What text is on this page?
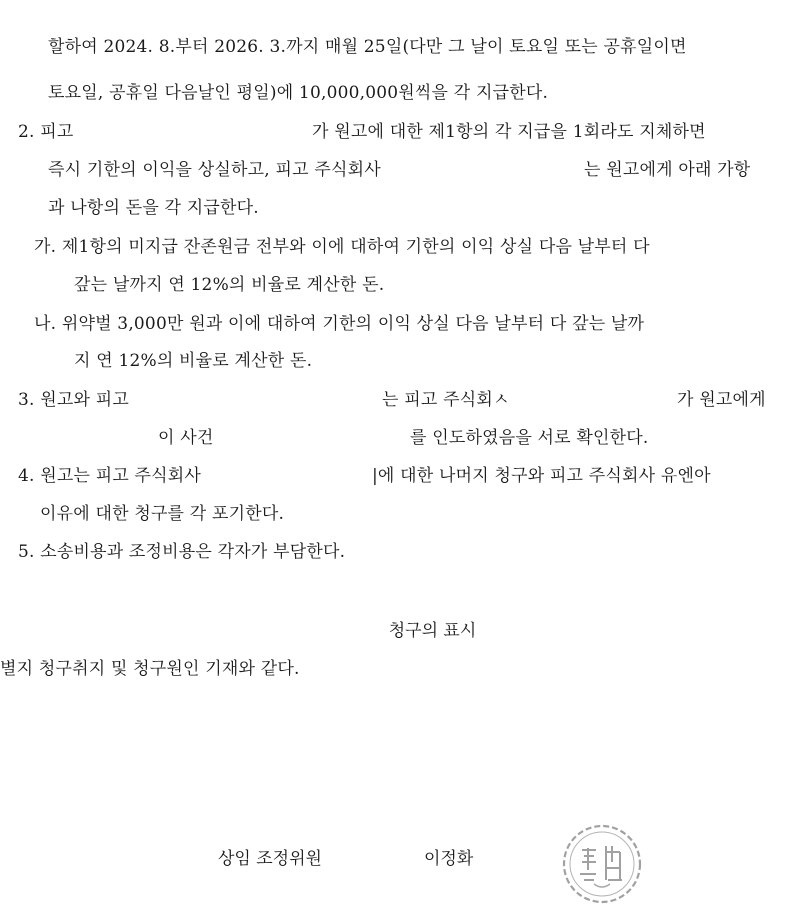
할하여 2024. 8.부터 2026. 3.까지 매월 25일(다만 그 날이 토요일 또는 공휴일이면
토요일, 공휴일 다음날인 평일)에 10,000,000원씩을 각 지급한다.
2. 피고	가 원고에 대한 제1항의 각 지급을 1회라도 지체하면
즉시 기한의 이익을 상실하고, 피고 주식회사	는 원고에게 아래 가항
과 나항의 돈을 각 지급한다.
가. 제1항의 미지급 잔존원금 전부와 이에 대하여 기한의 이익 상실 다음 날부터 다
갚는 날까지 연 12%의 비율로 계산한 돈.
나. 위약벌 3,000만 원과 이에 대하여 기한의 이익 상실 다음 날부터 다 갚는 날까
지 연 12%의 비율로 계산한 돈.
3. 원고와 피고	는 피고 주식회ㅅ	가 원고에게
이 사건	를 인도하였음을 서로 확인한다.
4. 원고는 피고 주식회사	|에 대한 나머지 청구와 피고 주식회사 유엔아
이유에 대한 청구를 각 포기한다.
5. 소송비용과 조정비용은 각자가 부담한다.
청구의 표시
별지 청구취지 및 청구원인 기재와 같다.
상임 조정위원	이정화
